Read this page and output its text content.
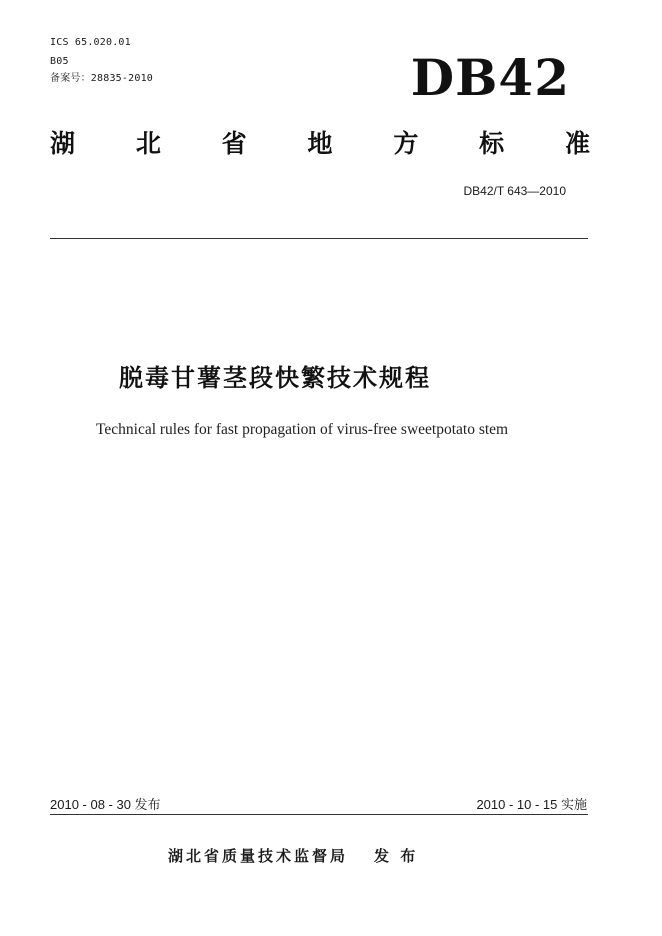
ICS 65.020.01
B05
备案号：28835-2010	DB42
湖 北 省 地 方 标 准
DB42/T 643—2010
脱毒甘薯茎段快繁技术规程
Technical rules for fast propagation of virus-free sweetpotato stem
2010 - 08 - 30 发布	2010 - 10 - 15 实施
湖北省质量技术监督局 发 布
